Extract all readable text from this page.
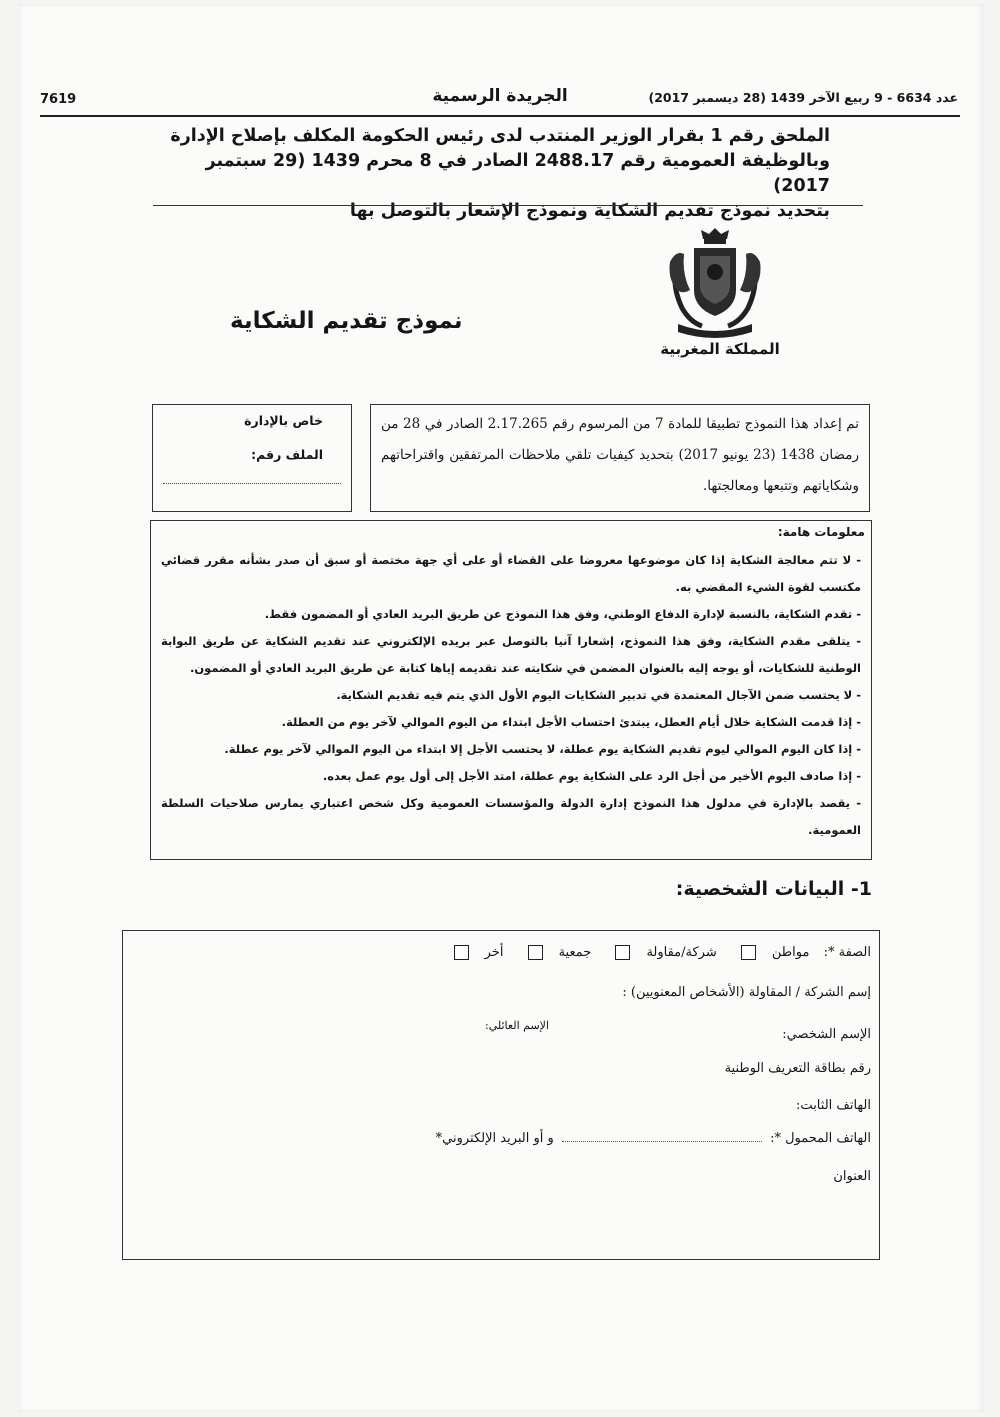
7619	الجريدة الرسمية	عدد 6634 - 9 ربيع الآخر 1439 (28 ديسمبر 2017)
الملحق رقم 1 بقرار الوزير المنتدب لدى رئيس الحكومة المكلف بإصلاح الإدارة
وبالوظيفة العمومية رقم 2488.17 الصادر في 8 محرم 1439 (29 سبتمبر 2017)
بتحديد نموذج تقديم الشكاية ونموذج الإشعار بالتوصل بها
المملكة المغربية
نموذج تقديم الشكاية
خاص بالإدارة
الملف رقم:
تم إعداد هذا النموذج تطبيقا للمادة 7 من المرسوم رقم 2.17.265 الصادر في 28 من رمضان 1438 (23 يونيو 2017) بتحديد كيفيات تلقي ملاحظات المرتفقين واقتراحاتهم وشكاياتهم وتتبعها ومعالجتها.
معلومات هامة:
- لا تتم معالجة الشكاية إذا كان موضوعها معروضا على القضاء أو على أي جهة مختصة أو سبق أن صدر بشأنه مقرر قضائي مكتسب لقوة الشيء المقضي به.
- تقدم الشكاية، بالنسبة لإدارة الدفاع الوطني، وفق هذا النموذج عن طريق البريد العادي أو المضمون فقط.
- يتلقى مقدم الشكاية، وفق هذا النموذج، إشعارا آنيا بالتوصل عبر بريده الإلكتروني عند تقديم الشكاية عن طريق البوابة الوطنية للشكايات، أو يوجه إليه بالعنوان المضمن في شكايته عند تقديمه إياها كتابة عن طريق البريد العادي أو المضمون.
- لا يحتسب ضمن الآجال المعتمدة في تدبير الشكايات اليوم الأول الذي يتم فيه تقديم الشكاية.
- إذا قدمت الشكاية خلال أيام العطل، يبتدئ احتساب الأجل ابتداء من اليوم الموالي لآخر يوم من العطلة.
- إذا كان اليوم الموالي ليوم تقديم الشكاية يوم عطلة، لا يحتسب الأجل إلا ابتداء من اليوم الموالي لآخر يوم عطلة.
- إذا صادف اليوم الأخير من أجل الرد على الشكاية يوم عطلة، امتد الأجل إلى أول يوم عمل بعده.
- يقصد بالإدارة في مدلول هذا النموذج إدارة الدولة والمؤسسات العمومية وكل شخص اعتباري يمارس صلاحيات السلطة العمومية.
1- البيانات الشخصية:
الصفة *: مواطن شركة/مقاولة جمعية أخر
إسم الشركة / المقاولة (الأشخاص المعنويين) :
الإسم الشخصي:
الإسم العائلي:
رقم بطاقة التعريف الوطنية
الهاتف الثابت:
الهاتف المحمول *:  و أو البريد الإلكتروني*
العنوان
